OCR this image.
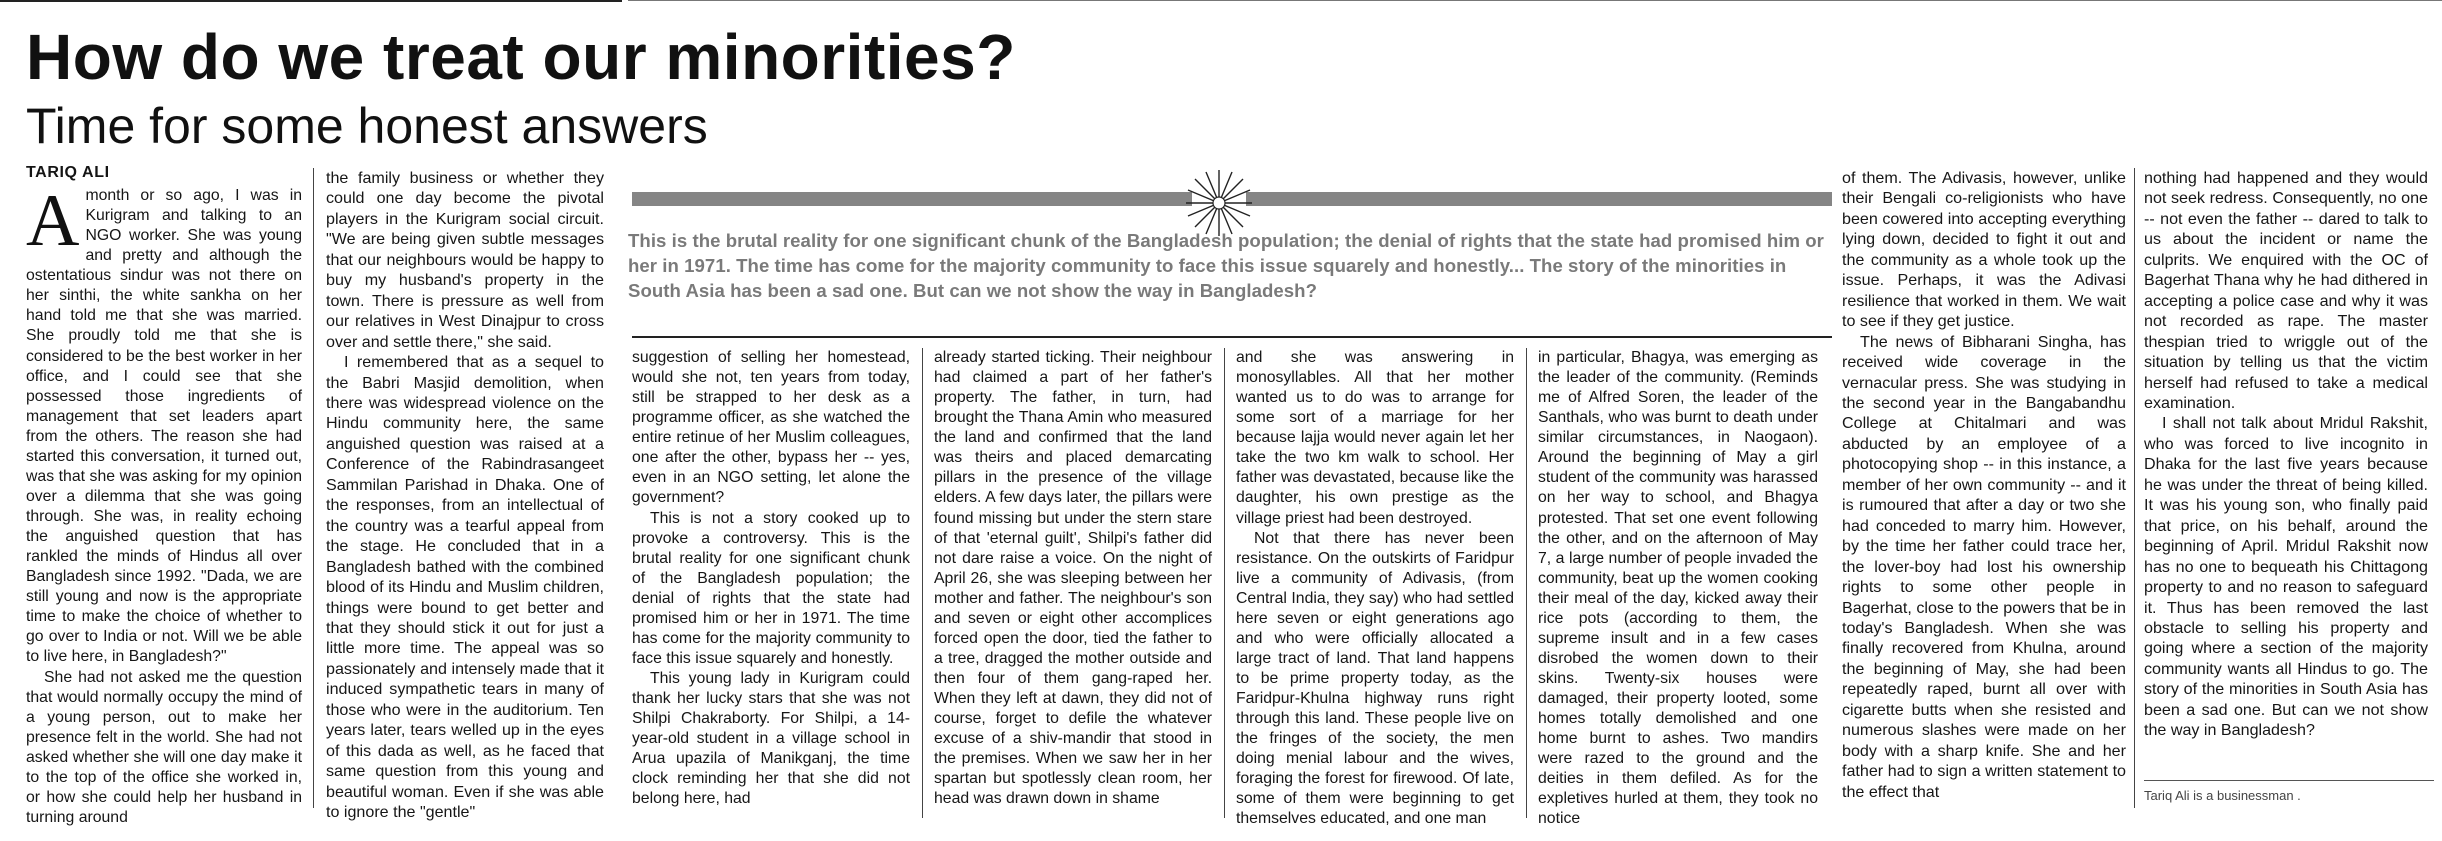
How do we treat our minorities?
Time for some honest answers
TARIQ ALI

Amonth or so ago, I was in Kurigram and talking to an NGO worker. She was young and pretty and although the ostentatious sindur was not there on her sinthi, the white sankha on her hand told me that she was married. She proudly told me that she is considered to be the best worker in her office, and I could see that she possessed those ingredients of management that set leaders apart from the others. The reason she had started this conversation, it turned out, was that she was asking for my opinion over a dilemma that she was going through. She was, in reality echoing the anguished question that has rankled the minds of Hindus all over Bangladesh since 1992. "Dada, we are still young and now is the appropriate time to make the choice of whether to go over to India or not. Will we be able to live here, in Bangladesh?"

She had not asked me the question that would normally occupy the mind of a young person, out to make her presence felt in the world. She had not asked whether she will one day make it to the top of the office she worked in, or how she could help her husband in turning around

the family business or whether they could one day become the pivotal players in the Kurigram social circuit. "We are being given subtle messages that our neighbours would be happy to buy my husband's property in the town. There is pressure as well from our relatives in West Dinajpur to cross over and settle there," she said.

I remembered that as a sequel to the Babri Masjid demolition, when there was widespread violence on the Hindu community here, the same anguished question was raised at a Conference of the Rabindrasangeet Sammilan Parishad in Dhaka. One of the responses, from an intellectual of the country was a tearful appeal from the stage. He concluded that in a Bangladesh bathed with the combined blood of its Hindu and Muslim children, things were bound to get better and that they should stick it out for just a little more time. The appeal was so passionately and intensely made that it induced sympathetic tears in many of those who were in the auditorium. Ten years later, tears welled up in the eyes of this dada as well, as he faced that same question from this young and beautiful woman. Even if she was able to ignore the "gentle"

This is the brutal reality for one significant chunk of the Bangladesh population; the denial of rights that the state had promised him or her in 1971. The time has come for the majority community to face this issue squarely and honestly... The story of the minorities in South Asia has been a sad one. But can we not show the way in Bangladesh?

suggestion of selling her homestead, would she not, ten years from today, still be strapped to her desk as a programme officer, as she watched the entire retinue of her Muslim colleagues, one after the other, bypass her -- yes, even in an NGO setting, let alone the government?

This is not a story cooked up to provoke a controversy. This is the brutal reality for one significant chunk of the Bangladesh population; the denial of rights that the state had promised him or her in 1971. The time has come for the majority community to face this issue squarely and honestly.

This young lady in Kurigram could thank her lucky stars that she was not Shilpi Chakraborty. For Shilpi, a 14-year-old student in a village school in Arua upazila of Manikganj, the time clock reminding her that she did not belong here, had

already started ticking. Their neighbour had claimed a part of her father's property. The father, in turn, had brought the Thana Amin who measured the land and confirmed that the land was theirs and placed demarcating pillars in the presence of the village elders. A few days later, the pillars were found missing but under the stern stare of that 'eternal guilt', Shilpi's father did not dare raise a voice. On the night of April 26, she was sleeping between her mother and father. The neighbour's son and seven or eight other accomplices forced open the door, tied the father to a tree, dragged the mother outside and then four of them gang-raped her. When they left at dawn, they did not of course, forget to defile the whatever excuse of a shiv-mandir that stood in the premises. When we saw her in her spartan but spotlessly clean room, her head was drawn down in shame

and she was answering in monosyllables. All that her mother wanted us to do was to arrange for some sort of a marriage for her because lajja would never again let her take the two km walk to school. Her father was devastated, because like the daughter, his own prestige as the village priest had been destroyed.

Not that there has never been resistance. On the outskirts of Faridpur live a community of Adivasis, (from Central India, they say) who had settled here seven or eight generations ago and who were officially allocated a large tract of land. That land happens to be prime property today, as the Faridpur-Khulna highway runs right through this land. These people live on the fringes of the society, the men doing menial labour and the wives, foraging the forest for firewood. Of late, some of them were beginning to get themselves educated, and one man

in particular, Bhagya, was emerging as the leader of the community. (Reminds me of Alfred Soren, the leader of the Santhals, who was burnt to death under similar circumstances, in Naogaon). Around the beginning of May a girl student of the community was harassed on her way to school, and Bhagya protested. That set one event following the other, and on the afternoon of May 7, a large number of people invaded the community, beat up the women cooking their meal of the day, kicked away their rice pots (according to them, the supreme insult and in a few cases disrobed the women down to their skins. Twenty-six houses were damaged, their property looted, some homes totally demolished and one home burnt to ashes. Two mandirs were razed to the ground and the deities in them defiled. As for the expletives hurled at them, they took no notice

of them. The Adivasis, however, unlike their Bengali co-religionists who have been cowered into accepting everything lying down, decided to fight it out and the community as a whole took up the issue. Perhaps, it was the Adivasi resilience that worked in them. We wait to see if they get justice.

The news of Bibharani Singha, has received wide coverage in the vernacular press. She was studying in the second year in the Bangabandhu College at Chitalmari and was abducted by an employee of a photocopying shop -- in this instance, a member of her own community -- and it is rumoured that after a day or two she had conceded to marry him. However, by the time her father could trace her, the lover-boy had lost his ownership rights to some other people in Bagerhat, close to the powers that be in today's Bangladesh. When she was finally recovered from Khulna, around the beginning of May, she had been repeatedly raped, burnt all over with cigarette butts when she resisted and numerous slashes were made on her body with a sharp knife. She and her father had to sign a written statement to the effect that

nothing had happened and they would not seek redress. Consequently, no one -- not even the father -- dared to talk to us about the incident or name the culprits. We enquired with the OC of Bagerhat Thana why he had dithered in accepting a police case and why it was not recorded as rape. The master thespian tried to wriggle out of the situation by telling us that the victim herself had refused to take a medical examination.

I shall not talk about Mridul Rakshit, who was forced to live incognito in Dhaka for the last five years because he was under the threat of being killed. It was his young son, who finally paid that price, on his behalf, around the beginning of April. Mridul Rakshit now has no one to bequeath his Chittagong property to and no reason to safeguard it. Thus has been removed the last obstacle to selling his property and going where a section of the majority community wants all Hindus to go. The story of the minorities in South Asia has been a sad one. But can we not show the way in Bangladesh?

Tariq Ali is a businessman .
